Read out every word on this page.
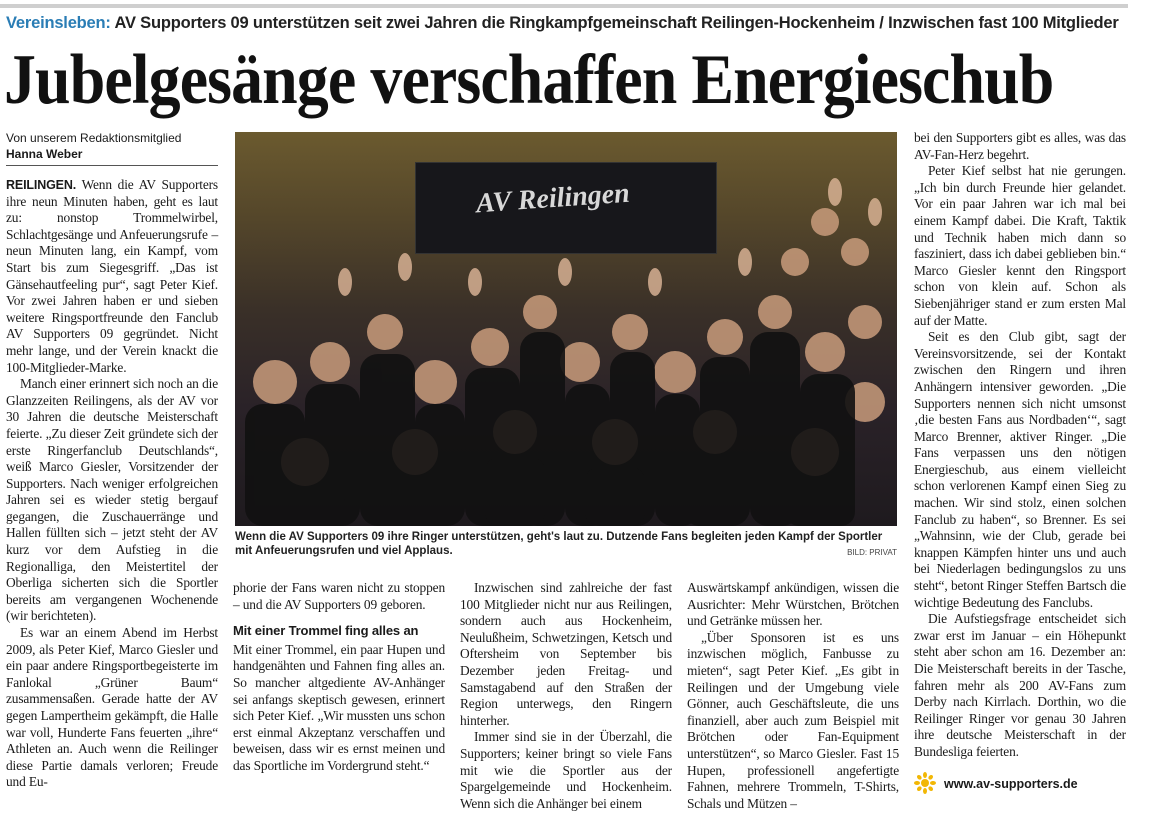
Vereinsleben: AV Supporters 09 unterstützen seit zwei Jahren die Ringkampfgemeinschaft Reilingen-Hockenheim / Inzwischen fast 100 Mitglieder
Jubelgesänge verschaffen Energieschub
Von unserem Redaktionsmitglied
Hanna Weber

REILINGEN. Wenn die AV Supporters ihre neun Minuten haben, geht es laut zu: nonstop Trommelwirbel, Schlachtgesänge und Anfeuerungsrufe – neun Minuten lang, ein Kampf, vom Start bis zum Siegesgriff. „Das ist Gänsehautfeeling pur“, sagt Peter Kief. Vor zwei Jahren haben er und sieben weitere Ringsportfreunde den Fanclub AV Supporters 09 gegründet. Nicht mehr lange, und der Verein knackt die 100-Mitglieder-Marke.

Manch einer erinnert sich noch an die Glanzzeiten Reilingens, als der AV vor 30 Jahren die deutsche Meisterschaft feierte. „Zu dieser Zeit gründete sich der erste Ringerfanclub Deutschlands“, weiß Marco Giesler, Vorsitzender der Supporters. Nach weniger erfolgreichen Jahren sei es wieder stetig bergauf gegangen, die Zuschauerränge und Hallen füllten sich – jetzt steht der AV kurz vor dem Aufstieg in die Regionalliga, den Meistertitel der Oberliga sicherten sich die Sportler bereits am vergangenen Wochenende (wir berichteten).

Es war an einem Abend im Herbst 2009, als Peter Kief, Marco Giesler und ein paar andere Ringsportbegeisterte im Fanlokal „Grüner Baum“ zusammensaßen. Gerade hatte der AV gegen Lampertheim gekämpft, die Halle war voll, Hunderte Fans feuerten „ihre“ Athleten an. Auch wenn die Reilinger diese Partie damals verloren; Freude und Eu-

AV Reilingen
Wenn die AV Supporters 09 ihre Ringer unterstützen, geht's laut zu. Dutzende Fans begleiten jeden Kampf der Sportler mit Anfeuerungsrufen und viel Applaus.	BILD: PRIVAT

phorie der Fans waren nicht zu stoppen – und die AV Supporters 09 geboren.

Mit einer Trommel fing alles an

Mit einer Trommel, ein paar Hupen und handgenähten und Fahnen fing alles an. So mancher altgediente AV-Anhänger sei anfangs skeptisch gewesen, erinnert sich Peter Kief. „Wir mussten uns schon erst einmal Akzeptanz verschaffen und beweisen, dass wir es ernst meinen und das Sportliche im Vordergrund steht.“

Inzwischen sind zahlreiche der fast 100 Mitglieder nicht nur aus Reilingen, sondern auch aus Hockenheim, Neulußheim, Schwetzingen, Ketsch und Oftersheim von September bis Dezember jeden Freitag- und Samstagabend auf den Straßen der Region unterwegs, den Ringern hinterher.

Immer sind sie in der Überzahl, die Supporters; keiner bringt so viele Fans mit wie die Sportler aus der Spargelgemeinde und Hockenheim. Wenn sich die Anhänger bei einem

Auswärtskampf ankündigen, wissen die Ausrichter: Mehr Würstchen, Brötchen und Getränke müssen her.

„Über Sponsoren ist es uns inzwischen möglich, Fanbusse zu mieten“, sagt Peter Kief. „Es gibt in Reilingen und der Umgebung viele Gönner, auch Geschäftsleute, die uns finanziell, aber auch zum Beispiel mit Brötchen oder Fan-Equipment unterstützen“, so Marco Giesler. Fast 15 Hupen, professionell angefertigte Fahnen, mehrere Trommeln, T-Shirts, Schals und Mützen –

bei den Supporters gibt es alles, was das AV-Fan-Herz begehrt.

Peter Kief selbst hat nie gerungen. „Ich bin durch Freunde hier gelandet. Vor ein paar Jahren war ich mal bei einem Kampf dabei. Die Kraft, Taktik und Technik haben mich dann so fasziniert, dass ich dabei geblieben bin.“ Marco Giesler kennt den Ringsport schon von klein auf. Schon als Siebenjähriger stand er zum ersten Mal auf der Matte.

Seit es den Club gibt, sagt der Vereinsvorsitzende, sei der Kontakt zwischen den Ringern und ihren Anhängern intensiver geworden. „Die Supporters nennen sich nicht umsonst ‚die besten Fans aus Nordbaden‘“, sagt Marco Brenner, aktiver Ringer. „Die Fans verpassen uns den nötigen Energieschub, aus einem vielleicht schon verlorenen Kampf einen Sieg zu machen. Wir sind stolz, einen solchen Fanclub zu haben“, so Brenner. Es sei „Wahnsinn, wie der Club, gerade bei knappen Kämpfen hinter uns und auch bei Niederlagen bedingungslos zu uns steht“, betont Ringer Steffen Bartsch die wichtige Bedeutung des Fanclubs.

Die Aufstiegsfrage entscheidet sich zwar erst im Januar – ein Höhepunkt steht aber schon am 16. Dezember an: Die Meisterschaft bereits in der Tasche, fahren mehr als 200 AV-Fans zum Derby nach Kirrlach. Dorthin, wo die Reilinger Ringer vor genau 30 Jahren ihre deutsche Meisterschaft in der Bundesliga feierten.

www.av-supporters.de
